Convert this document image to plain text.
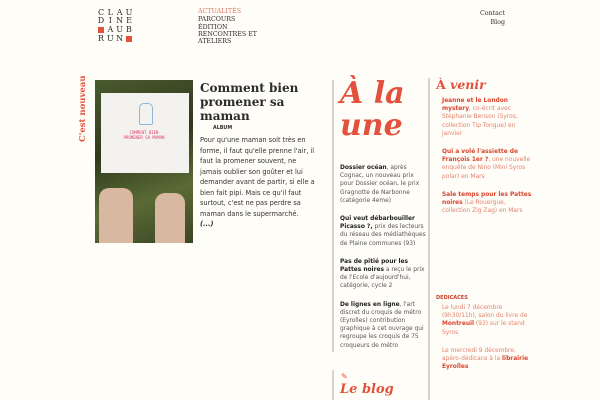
C L A U
D I N E
A U B
R U N
ACTUALITÉS
PARCOURS
ÉDITION
RENCONTRES ET ATELIERS
Contact
Blog
C'est nouveau	COMMENT BIEN PROMENER SA MAMAN
Comment bien promener sa maman
ALBUM
Pour qu'une maman soit très en forme, il faut qu'elle prenne l'air, il faut la promener souvent, ne jamais oublier son goûter et lui demander avant de partir, si elle a bien fait pipi. Mais ce qu'il faut surtout, c'est ne pas perdre sa maman dans le supermarché.
(...)
À la une

Dossier océan, après Cognac, un nouveau prix pour Dossier océan, le prix Gragnotte de Narbonne (catégorie 4eme)

Qui veut débarbouiller Picasso ?, prix des lecteurs du réseau des médiathèques de Plaine communes (93)

Pas de pitié pour les Pattes noires a reçu le prix de l'Ecole d'aujourd'hui, catégorie, cycle 2

De lignes en ligne, l'art discret du croquis de métro (Eyrolles) contribution graphique à cet ouvrage qui regroupe les croquis de 75 croqueurs de métro

✎
Le blog
À venir

Jeanne et le London mystery, co-écrit avec Stéphanie Benson (Syros, collection Tip Tongue) en janvier

Qui a volé l'assiette de François 1er ?, une nouvelle enquête de Nino (Mini Syros polar) en Mars

Sale temps pour les Pattes noires (Le Rouergue, collection Zig Zag) en Mars

DEDICACES

Le lundi 7 décembre (9h30/11h), salon du livre de Montreuil (93) sur le stand Syros

Le mercredi 9 décembre, apéro-dédicace à la librairie Eyrolles
